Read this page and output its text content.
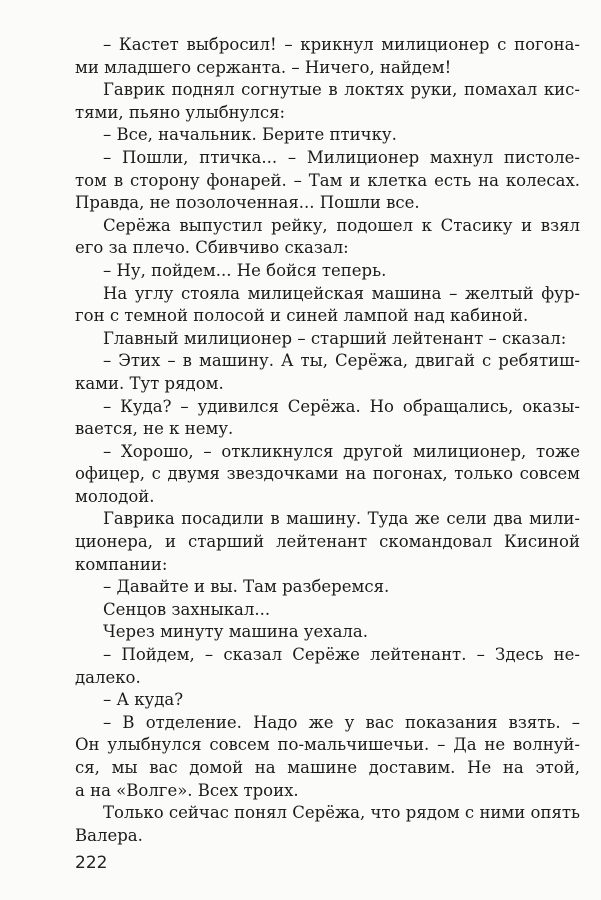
– Кастет выбросил! – крикнул милиционер с погона-
ми младшего сержанта. – Ничего, найдем!
Гаврик поднял согнутые в локтях руки, помахал кис-
тями, пьяно улыбнулся:
– Все, начальник. Берите птичку.
– Пошли, птичка... – Милиционер махнул пистоле-
том в сторону фонарей. – Там и клетка есть на колесах.
Правда, не позолоченная... Пошли все.
Серёжа выпустил рейку, подошел к Стасику и взял
его за плечо. Сбивчиво сказал:
– Ну, пойдем... Не бойся теперь.
На углу стояла милицейская машина – желтый фур-
гон с темной полосой и синей лампой над кабиной.
Главный милиционер – старший лейтенант – сказал:
– Этих – в машину. А ты, Серёжа, двигай с ребятиш-
ками. Тут рядом.
– Куда? – удивился Серёжа. Но обращались, оказы-
вается, не к нему.
– Хорошо, – откликнулся другой милиционер, тоже
офицер, с двумя звездочками на погонах, только совсем
молодой.
Гаврика посадили в машину. Туда же сели два мили-
ционера, и старший лейтенант скомандовал Кисиной
компании:
– Давайте и вы. Там разберемся.
Сенцов захныкал...
Через минуту машина уехала.
– Пойдем, – сказал Серёже лейтенант. – Здесь не-
далеко.
– А куда?
– В отделение. Надо же у вас показания взять. –
Он улыбнулся совсем по-мальчишечьи. – Да не волнуй-
ся, мы вас домой на машине доставим. Не на этой,
а на «Волге». Всех троих.
Только сейчас понял Серёжа, что рядом с ними опять
Валера.
222
